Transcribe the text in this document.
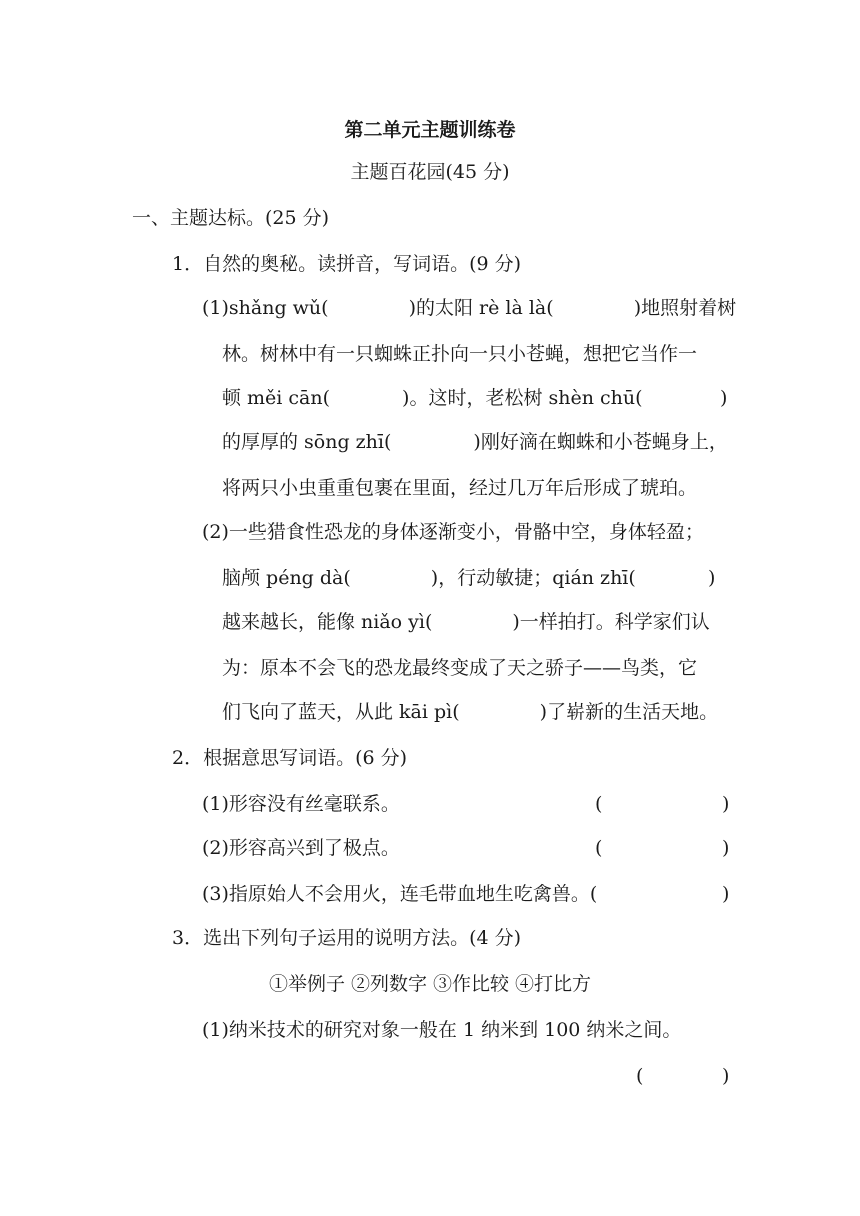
第二单元主题训练卷
主题百花园(45 分)
一、主题达标。(25 分)
1．自然的奥秘。读拼音，写词语。(9 分)
(1)shǎng wǔ(	)的太阳 rè là là(	)地照射着树
林。树林中有一只蜘蛛正扑向一只小苍蝇，想把它当作一
顿 měi cān(	)。这时，老松树 shèn chū(	)
的厚厚的 sōng zhī(	)刚好滴在蜘蛛和小苍蝇身上，
将两只小虫重重包裹在里面，经过几万年后形成了琥珀。
(2)一些猎食性恐龙的身体逐渐变小，骨骼中空，身体轻盈；
脑颅 péng dà(	)，行动敏捷；qián zhī(	)
越来越长，能像 niǎo yì(	)一样拍打。科学家们认
为：原本不会飞的恐龙最终变成了天之骄子——鸟类，它
们飞向了蓝天，从此 kāi pì(	)了崭新的生活天地。
2．根据意思写词语。(6 分)
(1)形容没有丝毫联系。	(	)
(2)形容高兴到了极点。	(	)
(3)指原始人不会用火，连毛带血地生吃禽兽。(	)
3．选出下列句子运用的说明方法。(4 分)
①举例子 ②列数字 ③作比较 ④打比方
(1)纳米技术的研究对象一般在 1 纳米到 100 纳米之间。
(	)
